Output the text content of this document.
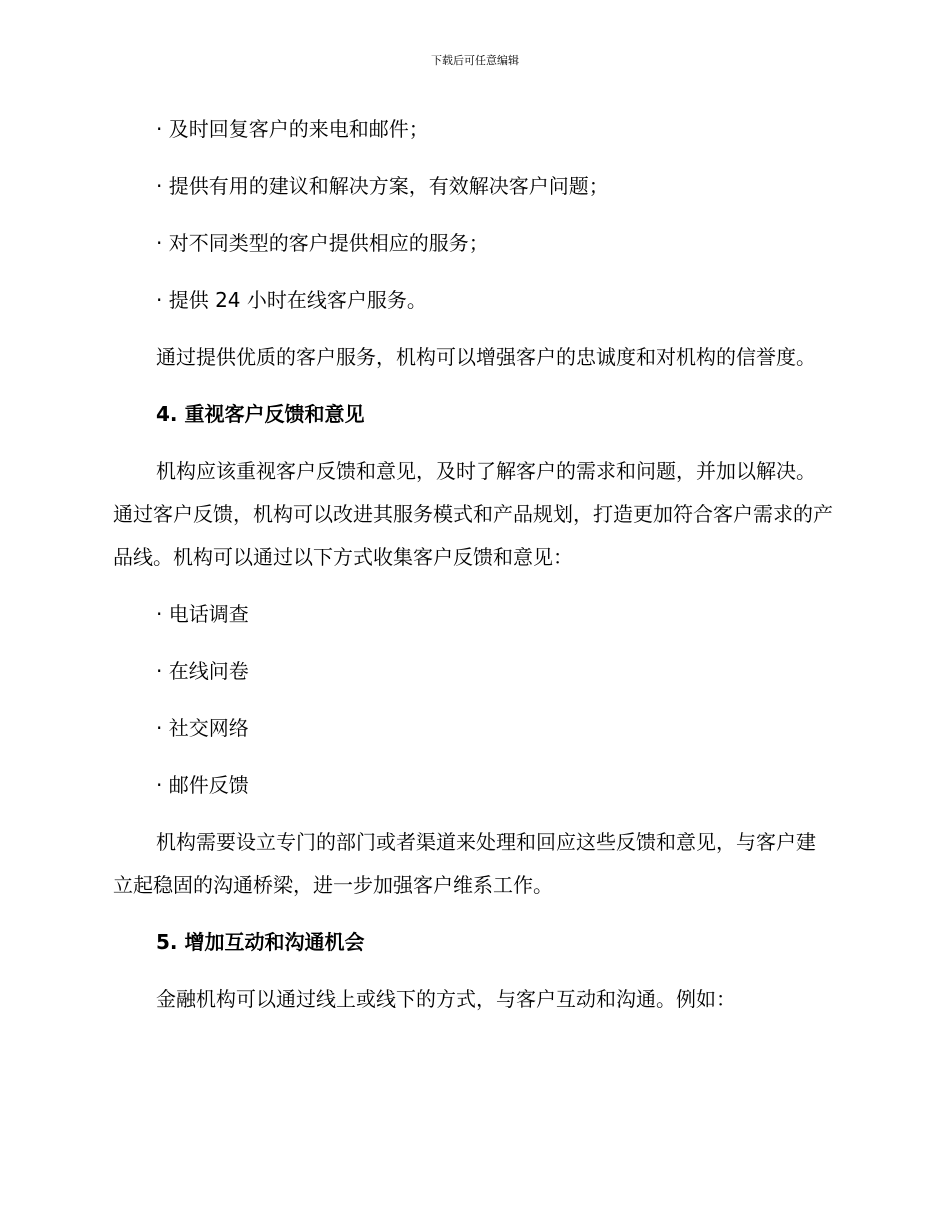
下载后可任意编辑
· 及时回复客户的来电和邮件；
· 提供有用的建议和解决方案，有效解决客户问题；
· 对不同类型的客户提供相应的服务；
· 提供 24 小时在线客户服务。
通过提供优质的客户服务，机构可以增强客户的忠诚度和对机构的信誉度。
4. 重视客户反馈和意见
机构应该重视客户反馈和意见，及时了解客户的需求和问题，并加以解决。通过客户反馈，机构可以改进其服务模式和产品规划，打造更加符合客户需求的产品线。机构可以通过以下方式收集客户反馈和意见：
· 电话调查
· 在线问卷
· 社交网络
· 邮件反馈
机构需要设立专门的部门或者渠道来处理和回应这些反馈和意见，与客户建立起稳固的沟通桥梁，进一步加强客户维系工作。
5. 增加互动和沟通机会
金融机构可以通过线上或线下的方式，与客户互动和沟通。例如：
